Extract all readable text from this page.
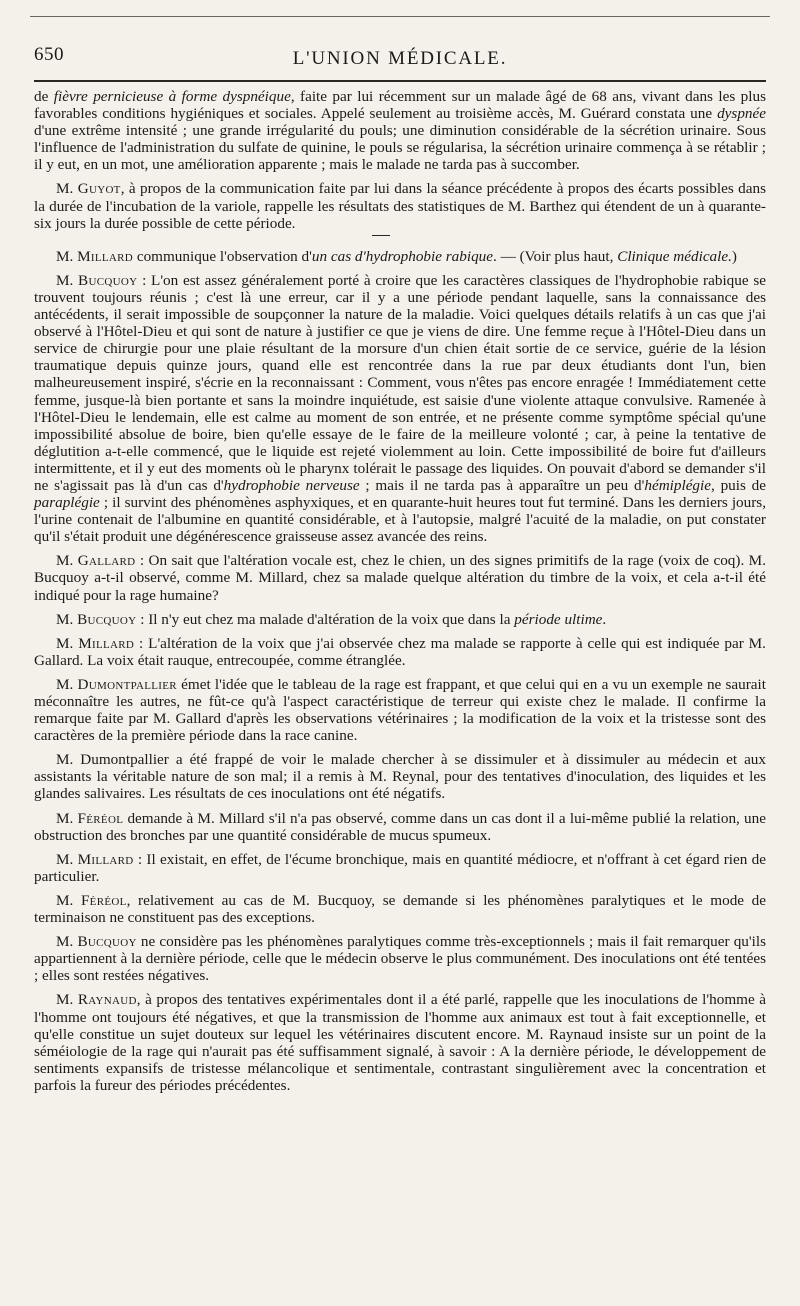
650	L'UNION MÉDICALE.

de fièvre pernicieuse à forme dyspnéique, faite par lui récemment sur un malade âgé de 68 ans, vivant dans les plus favorables conditions hygiéniques et sociales. Appelé seulement au troisième accès, M. Guérard constata une dyspnée d'une extrême intensité ; une grande irrégularité du pouls; une diminution considérable de la sécrétion urinaire. Sous l'influence de l'administration du sulfate de quinine, le pouls se régularisa, la sécrétion urinaire commença à se rétablir ; il y eut, en un mot, une amélioration apparente ; mais le malade ne tarda pas à succomber.

M. Guyot, à propos de la communication faite par lui dans la séance précédente à propos des écarts possibles dans la durée de l'incubation de la variole, rappelle les résultats des statistiques de M. Barthez qui étendent de un à quarante-six jours la durée possible de cette période.

M. Millard communique l'observation d'un cas d'hydrophobie rabique. — (Voir plus haut, Clinique médicale.)

M. Bucquoy : L'on est assez généralement porté à croire que les caractères classiques de l'hydrophobie rabique se trouvent toujours réunis ; c'est là une erreur, car il y a une période pendant laquelle, sans la connaissance des antécédents, il serait impossible de soupçonner la nature de la maladie. Voici quelques détails relatifs à un cas que j'ai observé à l'Hôtel-Dieu et qui sont de nature à justifier ce que je viens de dire. Une femme reçue à l'Hôtel-Dieu dans un service de chirurgie pour une plaie résultant de la morsure d'un chien était sortie de ce service, guérie de la lésion traumatique depuis quinze jours, quand elle est rencontrée dans la rue par deux étudiants dont l'un, bien malheureusement inspiré, s'écrie en la reconnaissant : Comment, vous n'êtes pas encore enragée ! Immédiatement cette femme, jusque-là bien portante et sans la moindre inquiétude, est saisie d'une violente attaque convulsive. Ramenée à l'Hôtel-Dieu le lendemain, elle est calme au moment de son entrée, et ne présente comme symptôme spécial qu'une impossibilité absolue de boire, bien qu'elle essaye de le faire de la meilleure volonté ; car, à peine la tentative de déglutition a-t-elle commencé, que le liquide est rejeté violemment au loin. Cette impossibilité de boire fut d'ailleurs intermittente, et il y eut des moments où le pharynx tolérait le passage des liquides. On pouvait d'abord se demander s'il ne s'agissait pas là d'un cas d'hydrophobie nerveuse ; mais il ne tarda pas à apparaître un peu d'hémiplégie, puis de paraplégie ; il survint des phénomènes asphyxiques, et en quarante-huit heures tout fut terminé. Dans les derniers jours, l'urine contenait de l'albumine en quantité considérable, et à l'autopsie, malgré l'acuité de la maladie, on put constater qu'il s'était produit une dégénérescence graisseuse assez avancée des reins.

M. Gallard : On sait que l'altération vocale est, chez le chien, un des signes primitifs de la rage (voix de coq). M. Bucquoy a-t-il observé, comme M. Millard, chez sa malade quelque altération du timbre de la voix, et cela a-t-il été indiqué pour la rage humaine?

M. Bucquoy : Il n'y eut chez ma malade d'altération de la voix que dans la période ultime.

M. Millard : L'altération de la voix que j'ai observée chez ma malade se rapporte à celle qui est indiquée par M. Gallard. La voix était rauque, entrecoupée, comme étranglée.

M. Dumontpallier émet l'idée que le tableau de la rage est frappant, et que celui qui en a vu un exemple ne saurait méconnaître les autres, ne fût-ce qu'à l'aspect caractéristique de terreur qui existe chez le malade. Il confirme la remarque faite par M. Gallard d'après les observations vétérinaires ; la modification de la voix et la tristesse sont des caractères de la première période dans la race canine.

M. Dumontpallier a été frappé de voir le malade chercher à se dissimuler et à dissimuler au médecin et aux assistants la véritable nature de son mal; il a remis à M. Reynal, pour des tentatives d'inoculation, des liquides et les glandes salivaires. Les résultats de ces inoculations ont été négatifs.

M. Féréol demande à M. Millard s'il n'a pas observé, comme dans un cas dont il a lui-même publié la relation, une obstruction des bronches par une quantité considérable de mucus spumeux.

M. Millard : Il existait, en effet, de l'écume bronchique, mais en quantité médiocre, et n'offrant à cet égard rien de particulier.

M. Féréol, relativement au cas de M. Bucquoy, se demande si les phénomènes paralytiques et le mode de terminaison ne constituent pas des exceptions.

M. Bucquoy ne considère pas les phénomènes paralytiques comme très-exceptionnels ; mais il fait remarquer qu'ils appartiennent à la dernière période, celle que le médecin observe le plus communément. Des inoculations ont été tentées ; elles sont restées négatives.

M. Raynaud, à propos des tentatives expérimentales dont il a été parlé, rappelle que les inoculations de l'homme à l'homme ont toujours été négatives, et que la transmission de l'homme aux animaux est tout à fait exceptionnelle, et qu'elle constitue un sujet douteux sur lequel les vétérinaires discutent encore. M. Raynaud insiste sur un point de la séméiologie de la rage qui n'aurait pas été suffisamment signalé, à savoir : A la dernière période, le développement de sentiments expansifs de tristesse mélancolique et sentimentale, contrastant singulièrement avec la concentration et parfois la fureur des périodes précédentes.
